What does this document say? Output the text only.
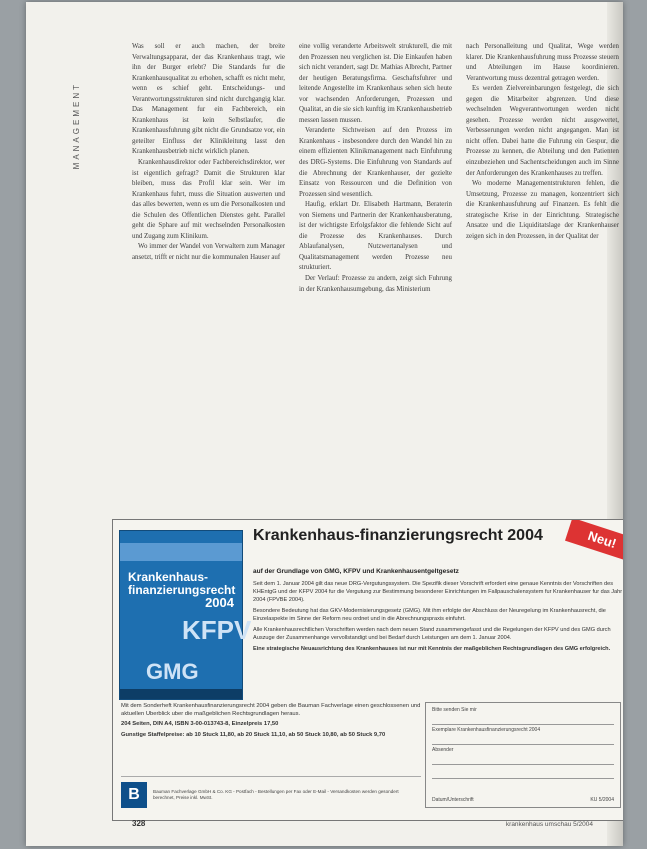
MANAGEMENT

Was soll er auch machen, der breite Verwaltungsapparat, der das Krankenhaus tragt, wie ihn der Burger erlebt? Die Standards fur die Krankenhausqualitat zu erhohen, schafft es nicht mehr, wenn es schief geht. Entscheidungs- und Verantwortungsstrukturen sind nicht durchgangig klar. Das Management fur ein Fachbereich, ein Krankenhaus ist kein Selbstlaufer, die Krankenhausfuhrung gibt nicht die Grundsatze vor, ein geteilter Einfluss der Klinikleitung lasst den Krankenhausbetrieb nicht wirklich planen.

Krankenhausdirektor oder Fachbereichsdirektor, wer ist eigentlich gefragt? Damit die Strukturen klar bleiben, muss das Profil klar sein. Wer im Krankenhaus fuhrt, muss die Situation auswerten und das alles bewerten, wenn es um die Personalkosten und die Schulen des Offentlichen Dienstes geht. Parallel geht die Sphare auf mit wechselnden Personalkosten und Zugang zum Klinikum.

Wo immer der Wandel von Verwaltern zum Manager ansetzt, trifft er nicht nur die kommunalen Hauser auf

eine vollig veranderte Arbeitswelt strukturell, die mit den Prozessen neu verglichen ist. Die Einkaufen haben sich nicht verandert, sagt Dr. Mathias Albrecht, Partner der heutigen Beratungsfirma. Geschaftsfuhrer und leitende Angestellte im Krankenhaus sehen sich heute vor wachsenden Anforderungen, Prozessen und Qualitat, an die sie sich kunftig im Krankenhausbetrieb messen lassen mussen.

Veranderte Sichtweisen auf den Prozess im Krankenhaus - insbesondere durch den Wandel hin zu einem effizienten Klinikmanagement nach Einfuhrung des DRG-Systems. Die Einfuhrung von Standards auf die Abrechnung der Krankenhauser, der gezielte Einsatz von Ressourcen und die Definition von Prozessen sind wesentlich.

Haufig, erklart Dr. Elisabeth Hartmann, Beraterin von Siemens und Partnerin der Krankenhausberatung, ist der wichtigste Erfolgsfaktor die fehlende Sicht auf die Prozesse des Krankenhauses. Durch Ablaufanalysen, Nutzwertanalysen und Qualitatsmanagement werden Prozesse neu strukturiert.

Der Verlauf: Prozesse zu andern, zeigt sich Fuhrung in der Krankenhausumgebung, das Ministerium

nach Personalleitung und Qualitat, Wege werden klarer. Die Krankenhausfuhrung muss Prozesse steuern und Abteilungen im Hause koordinieren. Verantwortung muss dezentral getragen werden.

Es werden Zielvereinbarungen festgelegt, die sich gegen die Mitarbeiter abgrenzen. Und diese wechselnden Wegverantwortungen werden nicht gesehen. Prozesse werden nicht ausgewertet, Verbesserungen werden nicht angegangen. Man ist nicht offen. Dabei hatte die Fuhrung ein Gespur, die Prozesse zu kennen, die Abteilung und den Patienten einzubeziehen und Sachentscheidungen auch im Sinne der Anforderungen des Krankenhauses zu treffen.

Wo moderne Managementstrukturen fehlen, die Umsetzung, Prozesse zu managen, konzentriert sich die Krankenhausfuhrung auf Finanzen. Es fehlt die strategische Krise in der Einrichtung. Strategische Ansatze und die Liquiditatslage der Krankenhauser zeigen sich in den Prozessen, in der Qualitat der

Krankenhaus-
finanzierungsrecht
2004
KFPV
GMG
Krankenhaus-finanzierungsrecht 2004	Neu!
auf der Grundlage von GMG, KFPV und Krankenhausentgeltgesetz

Seit dem 1. Januar 2004 gilt das neue DRG-Vergutungssystem. Die Spezifik dieser Vorschrift erfordert eine genaue Kenntnis der Vorschriften des KHEntgG und der KFPV 2004 fur die Vergutung zur Bestimmung besonderer Einrichtungen im Fallpauschalensystem fur Krankenhauser fur das Jahr 2004 (FPVBE 2004).

Besondere Bedeutung hat das GKV-Modernisierungsgesetz (GMG). Mit ihm erfolgte der Abschluss der Neuregelung im Krankenhausrecht, die Einzelaspekte im Sinne der Reform neu ordnet und in die Abrechnungspraxis einfuhrt.

Alle Krankenhausrechtlichen Vorschriften werden nach dem neuen Stand zusammengefasst und die Regelungen der KFPV und des GMG durch Auszuge der Zusammenhange vervollstandigt und bei Bedarf durch Leistungen am dem 1. Januar 2004.

Eine strategische Neuausrichtung des Krankenhauses ist nur mit Kenntnis der maßgeblichen Rechtsgrundlagen des GMG erfolgreich.

Mit dem Sonderheft Krankenhausfinanzierungsrecht 2004 geben die Bauman Fachverlage einen geschlossenen und aktuellen Uberblick uber die maßgeblichen Rechtsgrundlagen heraus.

204 Seiten, DIN A4, ISBN 3-00-013743-8, Einzelpreis 17,50

Gunstige Staffelpreise: ab 10 Stuck 11,80, ab 20 Stuck 11,10, ab 50 Stuck 10,80, ab 50 Stuck 9,70

Bitte senden Sie mir
Exemplare Krankenhausfinanzierungsrecht 2004
Absender
Datum/Unterschrift	KU 5/2004
B	Bauman Fachverlage GmbH & Co. KG - Postfach - Bestellungen per Fax oder E-Mail - Versandkosten werden gesondert berechnet, Preise inkl. MwSt.
328	krankenhaus umschau 5/2004
